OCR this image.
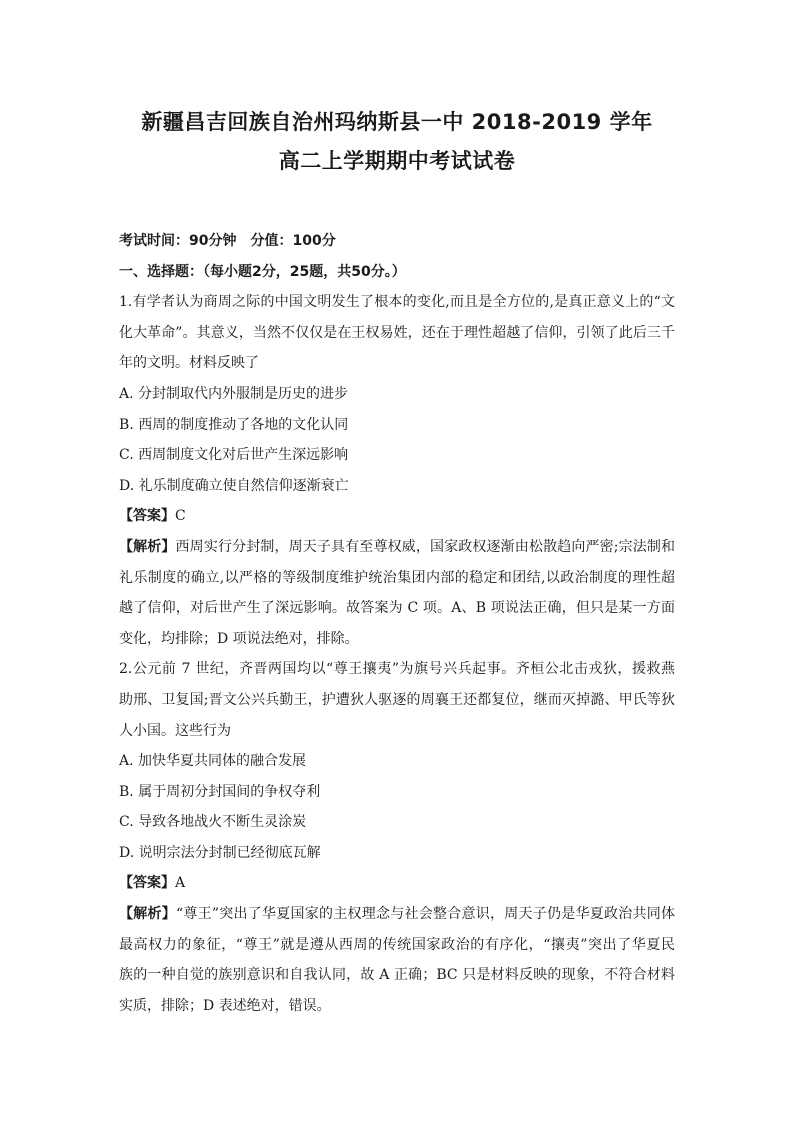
新疆昌吉回族自治州玛纳斯县一中 2018-2019 学年
高二上学期期中考试试卷
考试时间：90分钟　分值：100分
一、选择题：（每小题2分，25题，共50分。）
1.有学者认为商周之际的中国文明发生了根本的变化,而且是全方位的,是真正意义上的“文
化大革命”。其意义，当然不仅仅是在王权易姓，还在于理性超越了信仰，引领了此后三千
年的文明。材料反映了
A. 分封制取代内外服制是历史的进步
B. 西周的制度推动了各地的文化认同
C. 西周制度文化对后世产生深远影响
D. 礼乐制度确立使自然信仰逐渐衰亡
【答案】C
【解析】西周实行分封制，周天子具有至尊权威，国家政权逐渐由松散趋向严密;宗法制和
礼乐制度的确立,以严格的等级制度维护统治集团内部的稳定和团结,以政治制度的理性超
越了信仰，对后世产生了深远影响。故答案为 C 项。A、B 项说法正确，但只是某一方面
变化，均排除；D 项说法绝对，排除。
2.公元前 7 世纪，齐晋两国均以“尊王攘夷”为旗号兴兵起事。齐桓公北击戎狄，援救燕
助邢、卫复国;晋文公兴兵勤王，护遭狄人驱逐的周襄王还都复位，继而灭掉潞、甲氏等狄
人小国。这些行为
A. 加快华夏共同体的融合发展
B. 属于周初分封国间的争权夺利
C. 导致各地战火不断生灵涂炭
D. 说明宗法分封制已经彻底瓦解
【答案】A
【解析】“尊王”突出了华夏国家的主权理念与社会整合意识，周天子仍是华夏政治共同体
最高权力的象征，“尊王”就是遵从西周的传统国家政治的有序化，“攘夷”突出了华夏民
族的一种自觉的族别意识和自我认同，故 A 正确；BC 只是材料反映的现象，不符合材料
实质，排除；D 表述绝对，错误。
